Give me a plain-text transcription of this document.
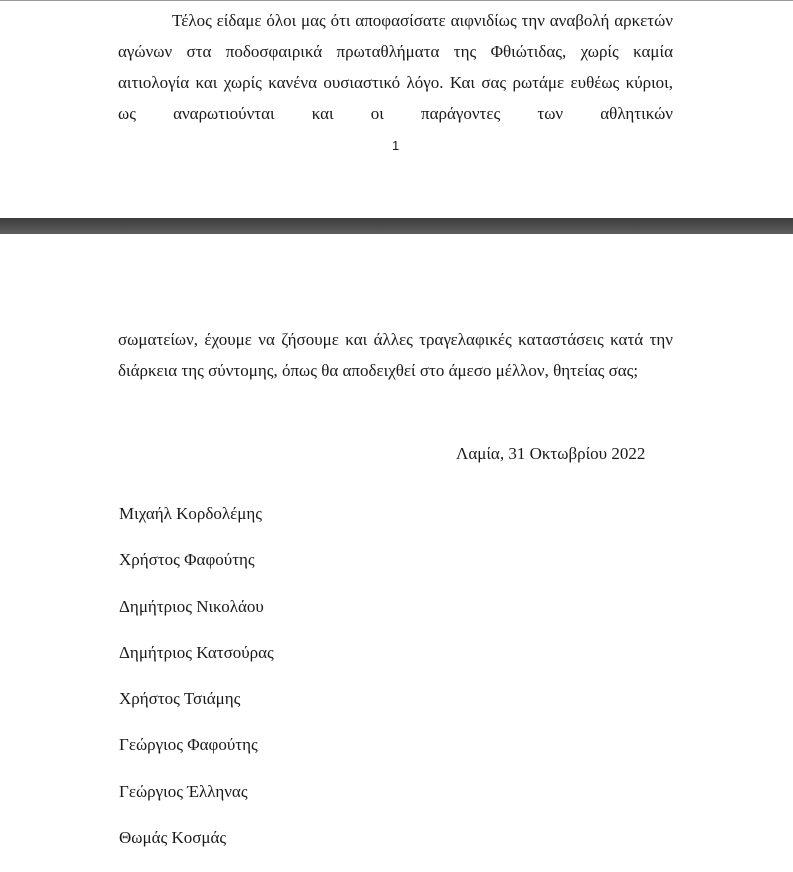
Τέλος είδαμε όλοι μας ότι αποφασίσατε αιφνιδίως την αναβολή αρκετών αγώνων στα ποδοσφαιρικά πρωταθλήματα της Φθιώτιδας, χωρίς καμία αιτιολογία και χωρίς κανένα ουσιαστικό λόγο. Και σας ρωτάμε ευθέως κύριοι, ως αναρωτιούνται και οι παράγοντες των αθλητικών

1

σωματείων, έχουμε να ζήσουμε και άλλες τραγελαφικές καταστάσεις κατά την διάρκεια της σύντομης, όπως θα αποδειχθεί στο άμεσο μέλλον, θητείας σας;

Λαμία, 31 Οκτωβρίου 2022
Μιχαήλ Κορδολέμης
Χρήστος Φαφούτης
Δημήτριος Νικολάου
Δημήτριος Κατσούρας
Χρήστος Τσιάμης
Γεώργιος Φαφούτης
Γεώργιος Έλληνας
Θωμάς Κοσμάς
